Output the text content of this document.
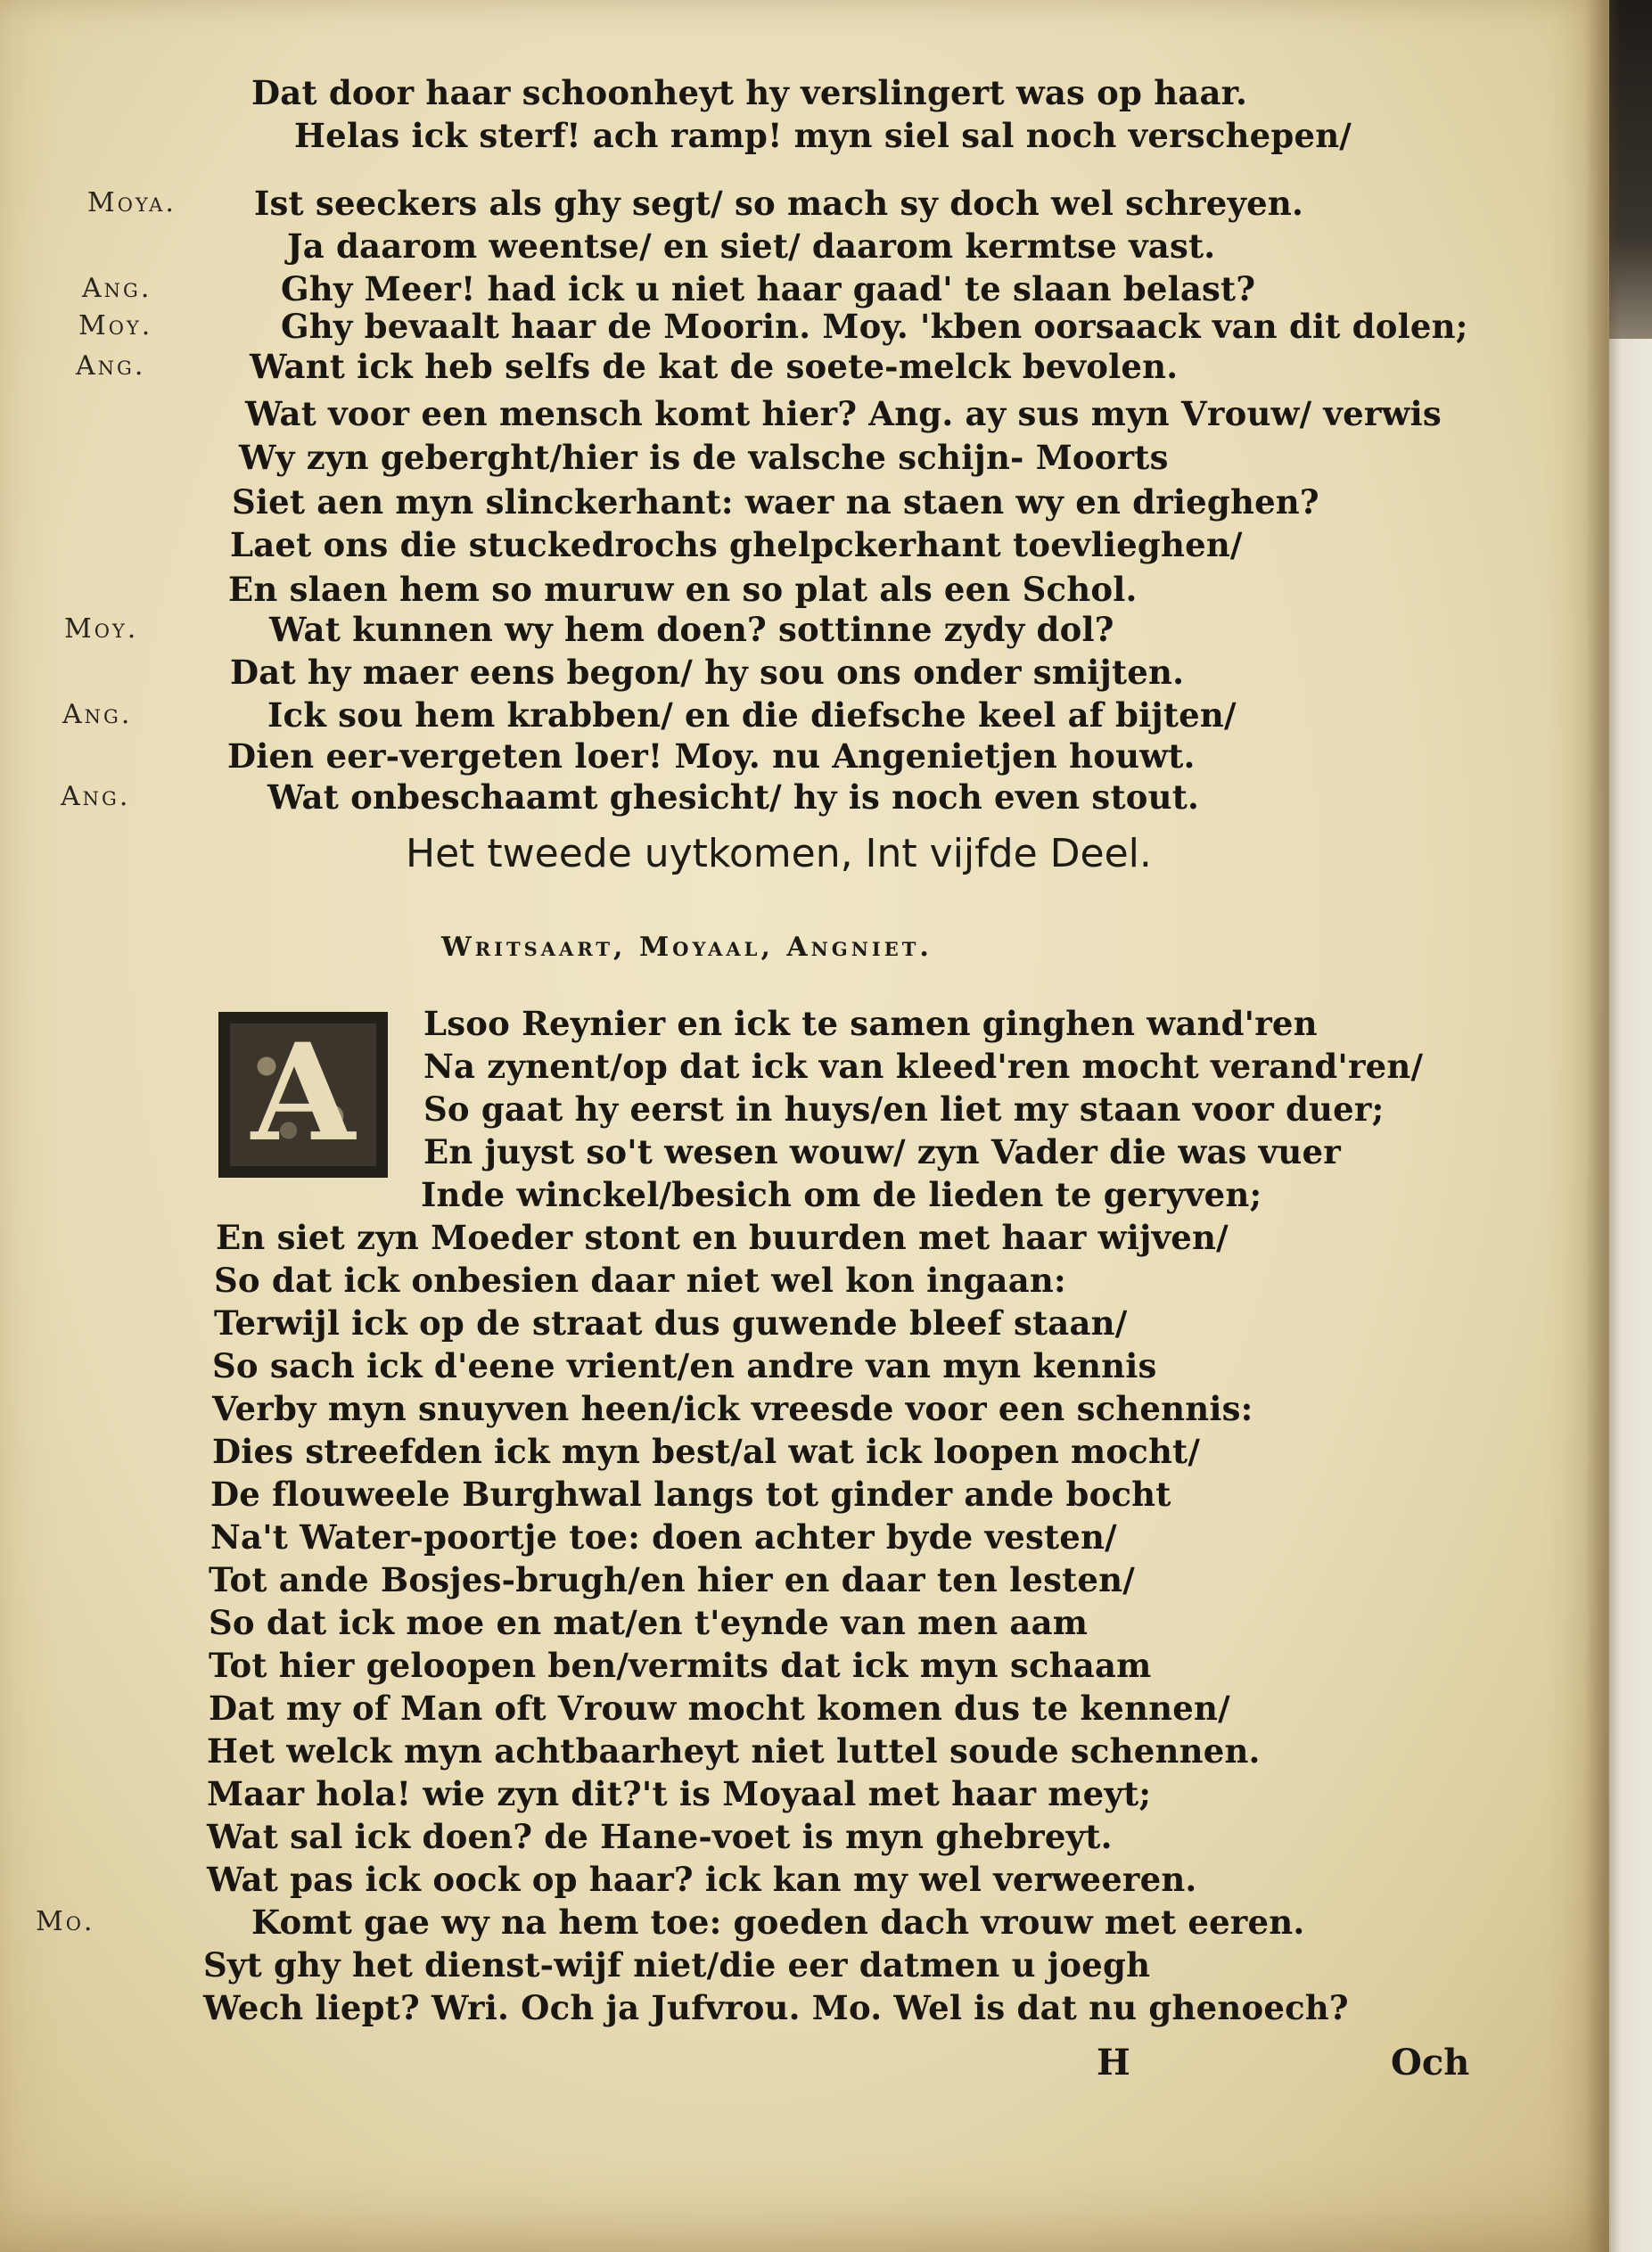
Dat door haar schoonheyt hy verslingert was op haar.
Helas ick sterf! ach ramp! myn siel sal noch verschepen/
Moya.	Ist seeckers als ghy segt/ so mach sy doch wel schreyen.
Ja daarom weentse/ en siet/ daarom kermtse vast.
Ang.	Ghy Meer! had ick u niet haar gaad' te slaan belast?
Moy.	Ghy bevaalt haar de Moorin. Moy. 'kben oorsaack van dit dolen;
Ang.	Want ick heb selfs de kat de soete-melck bevolen.
Wat voor een mensch komt hier? Ang. ay sus myn Vrouw/ verwis
Wy zyn geberght/hier is de valsche schijn- Moorts
Siet aen myn slinckerhant: waer na staen wy en drieghen?
Laet ons die stuckedrochs ghelpckerhant toevlieghen/
En slaen hem so muruw en so plat als een Schol.
Moy.	Wat kunnen wy hem doen? sottinne zydy dol?
Dat hy maer eens begon/ hy sou ons onder smijten.
Ang.	Ick sou hem krabben/ en die diefsche keel af bijten/
Dien eer-vergeten loer! Moy. nu Angenietjen houwt.
Ang.	Wat onbeschaamt ghesicht/ hy is noch even stout.
Het tweede uytkomen, Int vijfde Deel.
Writsaart, Moyaal, Angniet.
A	Lsoo Reynier en ick te samen ginghen wand'ren
Na zynent/op dat ick van kleed'ren mocht verand'ren/
So gaat hy eerst in huys/en liet my staan voor duer;
En juyst so't wesen wouw/ zyn Vader die was vuer
Inde winckel/besich om de lieden te geryven;
En siet zyn Moeder stont en buurden met haar wijven/
So dat ick onbesien daar niet wel kon ingaan:
Terwijl ick op de straat dus guwende bleef staan/
So sach ick d'eene vrient/en andre van myn kennis
Verby myn snuyven heen/ick vreesde voor een schennis:
Dies streefden ick myn best/al wat ick loopen mocht/
De flouweele Burghwal langs tot ginder ande bocht
Na't Water-poortje toe: doen achter byde vesten/
Tot ande Bosjes-brugh/en hier en daar ten lesten/
So dat ick moe en mat/en t'eynde van men aam
Tot hier geloopen ben/vermits dat ick myn schaam
Dat my of Man oft Vrouw mocht komen dus te kennen/
Het welck myn achtbaarheyt niet luttel soude schennen.
Maar hola! wie zyn dit?'t is Moyaal met haar meyt;
Wat sal ick doen? de Hane-voet is myn ghebreyt.
Wat pas ick oock op haar? ick kan my wel verweeren.
Mo.	Komt gae wy na hem toe: goeden dach vrouw met eeren.
Syt ghy het dienst-wijf niet/die eer datmen u joegh
Wech liept? Wri. Och ja Jufvrou. Mo. Wel is dat nu ghenoech?
H	Och
